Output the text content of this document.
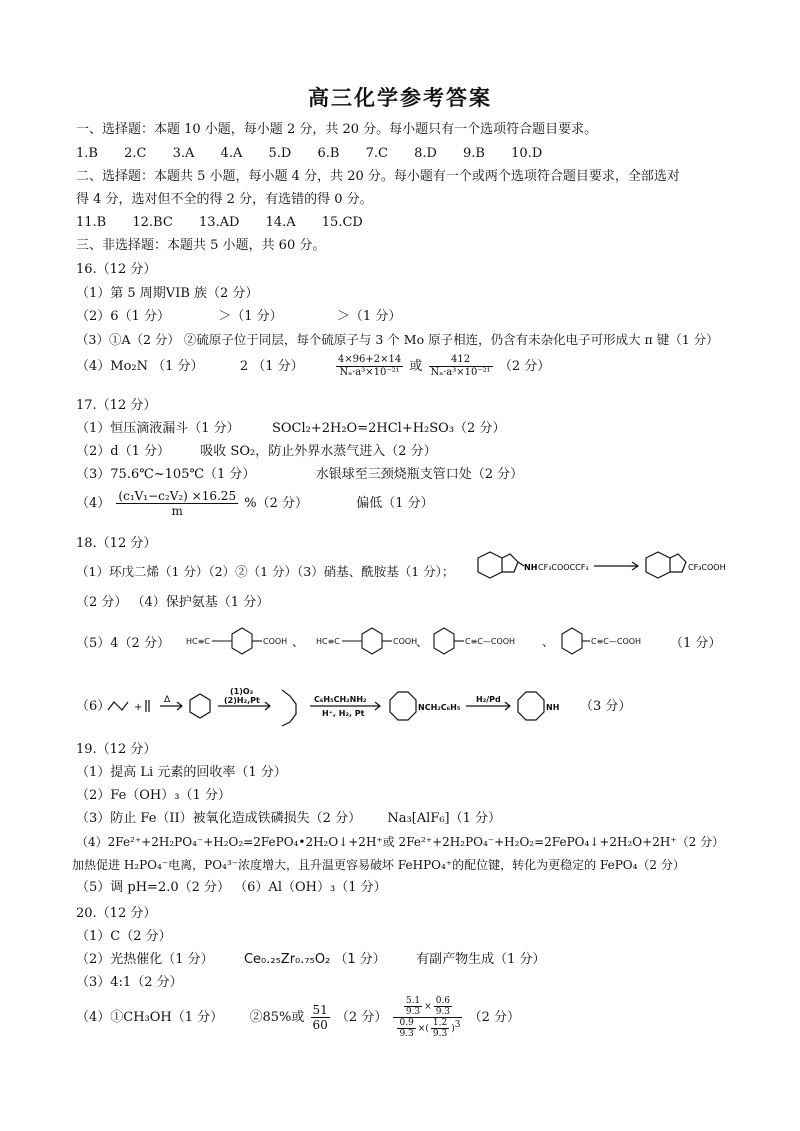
高三化学参考答案
一、选择题：本题 10 小题，每小题 2 分，共 20 分。每小题只有一个选项符合题目要求。
1.B 2.C 3.A 4.A 5.D 6.B 7.C 8.D 9.B 10.D
二、选择题：本题共 5 小题，每小题 4 分，共 20 分。每小题有一个或两个选项符合题目要求，全部选对
得 4 分，选对但不全的得 2 分，有选错的得 0 分。
11.B 12.BC 13.AD 14.A 15.CD
三、非选择题：本题共 5 小题，共 60 分。
16.（12 分）
（1）第 5 周期VIB 族（2 分）
（2）6（1 分）	＞（1 分）	＞（1 分）
（3）①A（2 分） ②硫原子位于同层，每个硫原子与 3 个 Mo 原子相连，仍含有未杂化电子可形成大 π 键（1 分）
（4）Mo₂N （1 分）	2 （1 分）	$\frac{4\times 96+2\times 14}{\text{Nₐ·a³×10⁻²¹}}$ 或 $\frac{412}{\text{Nₐ·a³×10⁻²¹}} (2$ 分）
17.（12 分）
（1）恒压滴液漏斗（1 分） SOCl₂+2H₂O=2HCl+H₂SO₃（2 分）
（2）d（1 分） 吸收 SO₂，防止外界水蒸气进入（2 分）
（3）75.6℃~105℃（1 分）	水银球至三颈烧瓶支管口处（2 分）
$(4) \frac{\text{(c₁V₁−c₂V₂) ×16.25}}{m} \%(2$ 分）	偏低（1 分）
18.（12 分）
（1）环戊二烯（1 分）（2）②（1 分）（3）硝基、酰胺基（1 分）；	NH CF₃COOCCF₃	CF₃COOH
（2 分） （4）保护氨基（1 分）
（5）4（2 分） HC≡C	COOH 、 HC≡C	COOH
、	C≡C—COOH 、	C≡C—COOH （1 分）
（6） +
Δ
(1)O₃
(2)H₂,Pt	C₆H₅CH₂NH₂
H⁺, H₂, Pt
NCH₂C₆H₅
H₂/Pd
NH （3 分）
19.（12 分）
（1）提高 Li 元素的回收率（1 分）
（2）Fe（OH）₃（1 分）
（3）防止 Fe（II）被氧化造成铁磷损失（2 分） Na₃[AlF₆]（1 分）
（4）2Fe²⁺+2H₂PO₄⁻+H₂O₂=2FePO₄•2H₂O↓+2H⁺或 2Fe²⁺+2H₂PO₄⁻+H₂O₂=2FePO₄↓+2H₂O+2H⁺（2 分）
加热促进 H₂PO₄⁻电离，PO₄³⁻浓度增大，且升温更容易破坏 FeHPO₄⁺的配位键，转化为更稳定的 FePO₄（2 分）
（5）调 pH=2.0（2 分） （6）Al（OH）₃（1 分）
20.（12 分）
（1）C（2 分）
（2）光热催化（1 分） Ce₀.₂₅Zr₀.₇₅O₂ （1 分） 有副产物生成（1 分）
（3）4:1（2 分）
（4）①CH₃OH（1 分） ②85%或 $\frac{51}{60} (2$ 分） $\frac{\frac{5.1}{9.3} \times \frac{0.6}{9.3}}{\frac{0.9}{9.3} \times( \frac{1.2}{9.3} )^3} (2$ 分）
